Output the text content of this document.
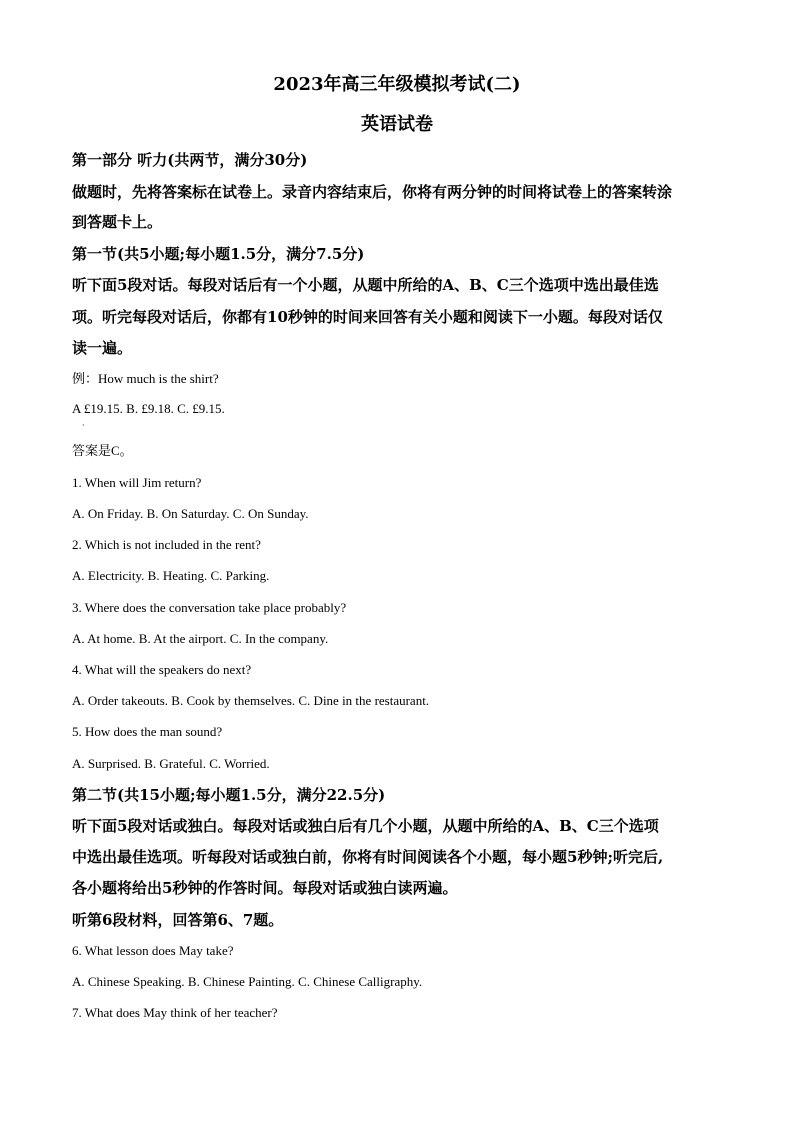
2023年高三年级模拟考试(二)
英语试卷
第一部分 听力(共两节，满分30分)
做题时，先将答案标在试卷上。录音内容结束后，你将有两分钟的时间将试卷上的答案转涂
到答题卡上。
第一节(共5小题;每小题1.5分，满分7.5分)
听下面5段对话。每段对话后有一个小题，从题中所给的A、B、C三个选项中选出最佳选
项。听完每段对话后，你都有10秒钟的时间来回答有关小题和阅读下一小题。每段对话仅
读一遍。
例：How much is the shirt?
A £19.15. B. £9.18. C. £9.15.
·
答案是C。
1. When will Jim return?
A. On Friday. B. On Saturday. C. On Sunday.
2. Which is not included in the rent?
A. Electricity. B. Heating. C. Parking.
3. Where does the conversation take place probably?
A. At home. B. At the airport. C. In the company.
4. What will the speakers do next?
A. Order takeouts. B. Cook by themselves. C. Dine in the restaurant.
5. How does the man sound?
A. Surprised. B. Grateful. C. Worried.
第二节(共15小题;每小题1.5分，满分22.5分)
听下面5段对话或独白。每段对话或独白后有几个小题，从题中所给的A、B、C三个选项
中选出最佳选项。听每段对话或独白前，你将有时间阅读各个小题，每小题5秒钟;听完后,
各小题将给出5秒钟的作答时间。每段对话或独白读两遍。
听第6段材料，回答第6、7题。
6. What lesson does May take?
A. Chinese Speaking. B. Chinese Painting. C. Chinese Calligraphy.
7. What does May think of her teacher?
